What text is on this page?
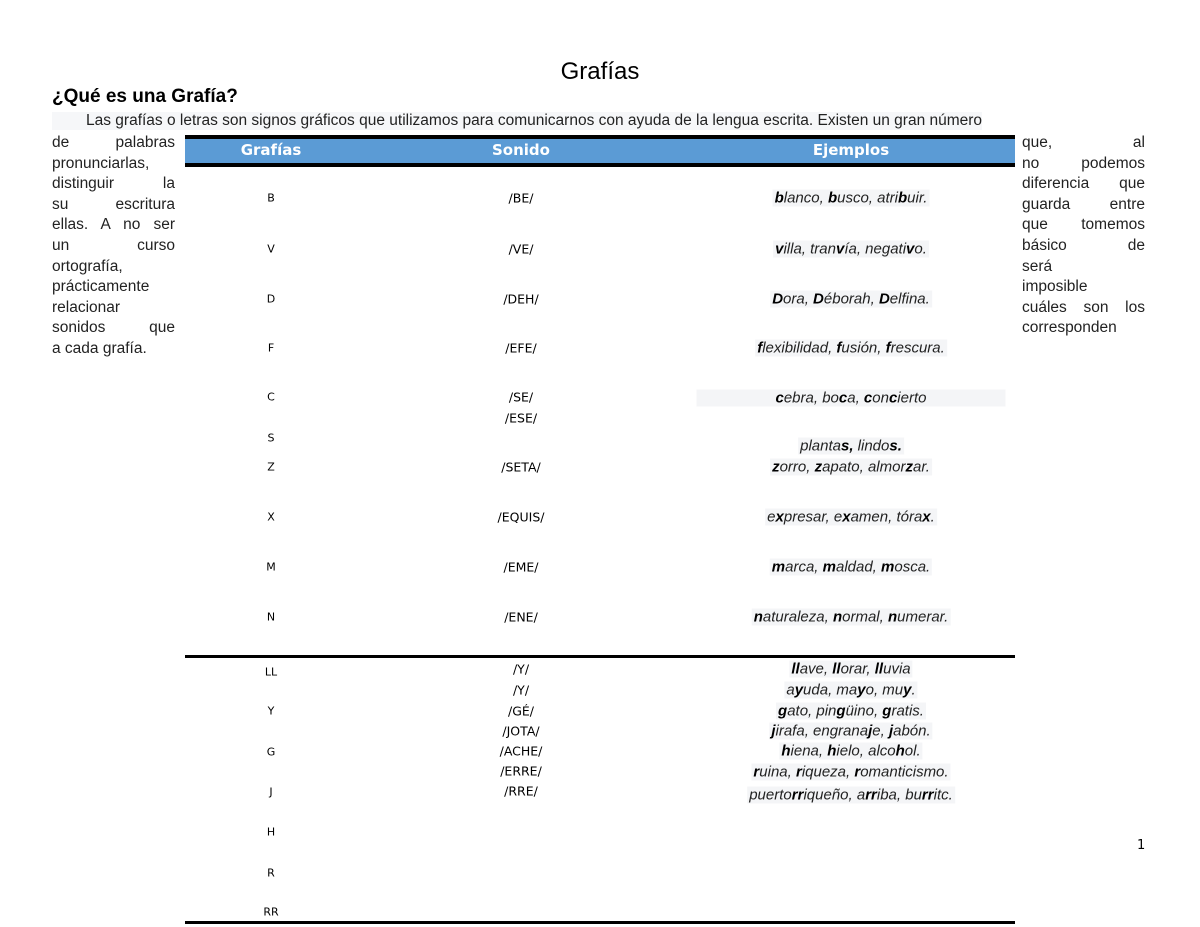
Grafías
¿Qué es una Grafía?
Las grafías o letras son signos gráficos que utilizamos para comunicarnos con ayuda de la lengua escrita. Existen un gran número
de palabras
pronunciarlas,
distinguir la
su escritura
ellas. A no ser
un curso
ortografía,
prácticamente
relacionar
sonidos que
a cada grafía.
que, al
no podemos
diferencia que
guarda entre
que tomemos
básico de
será
imposible
cuáles son los
corresponden
Grafías	Sonido	Ejemplos
B
V
D
F
C
S
Z
X
M
N
LL
Y
G
J
H
R
RR
/BE/
/VE/
/DEH/
/EFE/
/SE/
/ESE/
/SETA/
/EQUIS/
/EME/
/ENE/
/Y/
/Y/
/GÉ/
/JOTA/
/ACHE/
/ERRE/
/RRE/
blanco, busco, atribuir.
villa, tranvía, negativo.
Dora, Déborah, Delfina.
flexibilidad, fusión, frescura.
cebra, boca, concierto
plantas, lindos.
zorro, zapato, almorzar.
expresar, examen, tórax.
marca, maldad, mosca.
naturaleza, normal, numerar.
llave, llorar, lluvia
ayuda, mayo, muy.
gato, pingüino, gratis.
jirafa, engranaje, jabón.
hiena, hielo, alcohol.
ruina, riqueza, romanticismo.
puertorriqueño, arriba, burritc.
1
